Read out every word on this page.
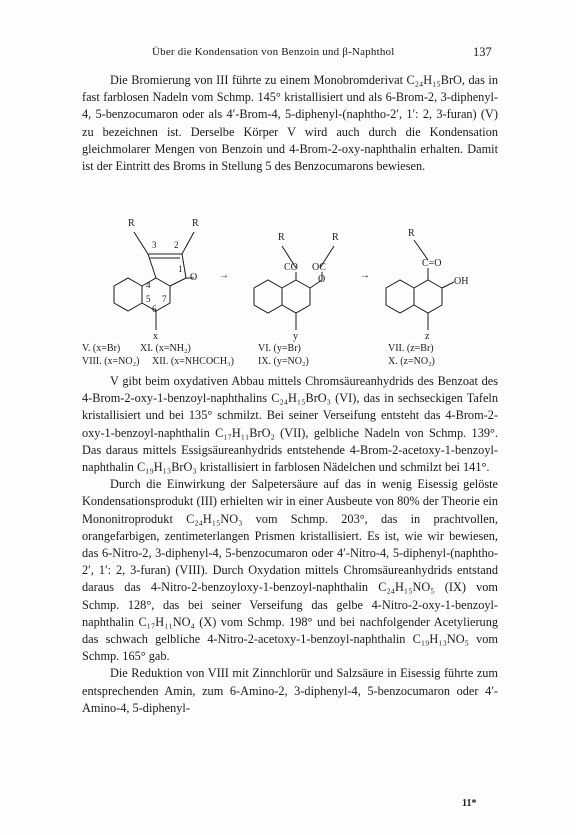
Über die Kondensation von Benzoin und β-Naphthol	137

Die Bromierung von III führte zu einem Monobromderivat C₂₄H₁₅BrO, das in fast farblosen Nadeln vom Schmp. 145° kristallisiert und als 6-Brom-2, 3-diphenyl-4, 5-benzocumaron oder als 4′-Brom-4, 5-diphenyl-(naphtho-2′, 1′: 2, 3-furan) (V) zu bezeichnen ist. Derselbe Körper V wird auch durch die Kondensation gleichmolarer Mengen von Benzoin und 4-Brom-2-oxy-naphthalin erhalten. Damit ist der Eintritt des Broms in Stellung 5 des Benzocumarons bewiesen.

R	R
3 2
1
O
4
5 7
6
x
→
R	R
CO OC
O
y
→
R
C=O
OH
z
V. (x=Br) XI. (x=NH₂)	VI. (y=Br)	VII. (z=Br)
VIII. (x=NO₂) XII. (x=NHCOCH₃) IX. (y=NO₂)	X. (z=NO₂)

V gibt beim oxydativen Abbau mittels Chromsäureanhydrids des Benzoat des 4-Brom-2-oxy-1-benzoyl-naphthalins C₂₄H₁₅BrO₃ (VI), das in sechseckigen Tafeln kristallisiert und bei 135° schmilzt. Bei seiner Verseifung entsteht das 4-Brom-2-oxy-1-benzoyl-naphthalin C₁₇H₁₁BrO₂ (VII), gelbliche Nadeln von Schmp. 139°. Das daraus mittels Essigsäureanhydrids entstehende 4-Brom-2-acetoxy-1-benzoyl-naphthalin C₁₉H₁₃BrO₃ kristallisiert in farblosen Nädelchen und schmilzt bei 141°.

Durch die Einwirkung der Salpetersäure auf das in wenig Eisessig gelöste Kondensationsprodukt (III) erhielten wir in einer Ausbeute von 80% der Theorie ein Mononitroprodukt C₂₄H₁₅NO₃ vom Schmp. 203°, das in prachtvollen, orangefarbigen, zentimeterlangen Prismen kristallisiert. Es ist, wie wir bewiesen, das 6-Nitro-2, 3-diphenyl-4, 5-benzocumaron oder 4′-Nitro-4, 5-diphenyl-(naphtho-2′, 1′: 2, 3-furan) (VIII). Durch Oxydation mittels Chromsäureanhydrids entstand daraus das 4-Nitro-2-benzoyloxy-1-benzoyl-naphthalin C₂₄H₁₅NO₅ (IX) vom Schmp. 128°, das bei seiner Verseifung das gelbe 4-Nitro-2-oxy-1-benzoyl-naphthalin C₁₇H₁₁NO₄ (X) vom Schmp. 198° und bei nachfolgender Acetylierung das schwach gelbliche 4-Nitro-2-acetoxy-1-benzoyl-naphthalin C₁₉H₁₃NO₅ vom Schmp. 165° gab.

Die Reduktion von VIII mit Zinnchlorür und Salzsäure in Eisessig führte zum entsprechenden Amin, zum 6-Amino-2, 3-diphenyl-4, 5-benzocumaron oder 4′-Amino-4, 5-diphenyl-

11*
